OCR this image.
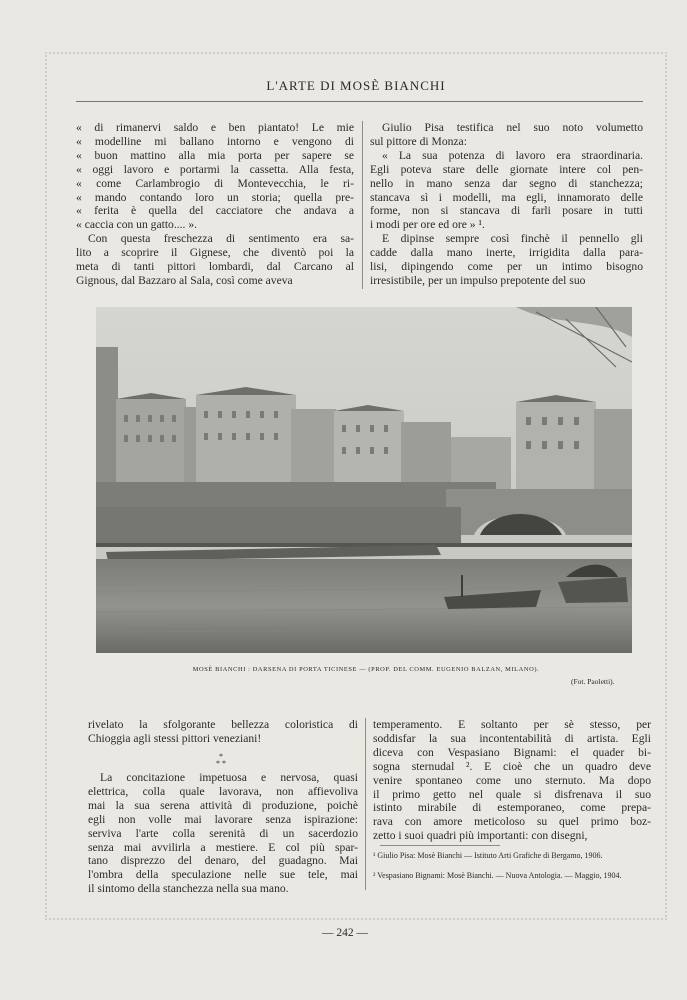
L'ARTE DI MOSÈ BIANCHI
« di rimanervi saldo e ben piantato! Le mie
« modelline mi ballano intorno e vengono di
« buon mattino alla mia porta per sapere se
« oggi lavoro e portarmi la cassetta. Alla festa,
« come Carlambrogio di Montevecchia, le ri-
« mando contando loro un storia; quella pre-
« ferita è quella del cacciatore che andava a
« caccia con un gatto.... ».
Con questa freschezza di sentimento era sa-
lito a scoprire il Gignese, che diventò poi la
meta di tanti pittori lombardi, dal Carcano al
Gignous, dal Bazzaro al Sala, così come aveva
Giulio Pisa testifica nel suo noto volumetto
sul pittore di Monza:
« La sua potenza di lavoro era straordinaria.
Egli poteva stare delle giornate intere col pen-
nello in mano senza dar segno di stanchezza;
stancava sì i modelli, ma egli, innamorato delle
forme, non si stancava di farli posare in tutti
i modi per ore ed ore » ¹.
E dipinse sempre così finchè il pennello gli
cadde dalla mano inerte, irrigidita dalla para-
lisi, dipingendo come per un intimo bisogno
irresistibile, per un impulso prepotente del suo
MOSÈ BIANCHI : DARSENA DI PORTA TICINESE — (PROP. DEL COMM. EUGENIO BALZAN, MILANO).
(Fot. Paoletti).
rivelato la sfolgorante bellezza coloristica di
Chioggia agli stessi pittori veneziani!
*
* *
La concitazione impetuosa e nervosa, quasi
elettrica, colla quale lavorava, non affievoliva
mai la sua serena attività di produzione, poichè
egli non volle mai lavorare senza ispirazione:
serviva l'arte colla serenità di un sacerdozio
senza mai avvilirla a mestiere. E col più spar-
tano disprezzo del denaro, del guadagno. Mai
l'ombra della speculazione nelle sue tele, mai
il sintomo della stanchezza nella sua mano.
temperamento. E soltanto per sè stesso, per
soddisfar la sua incontentabilità di artista. Egli
diceva con Vespasiano Bignami: el quader bi-
sogna sternudal ². E cioè che un quadro deve
venire spontaneo come uno sternuto. Ma dopo
il primo getto nel quale si disfrenava il suo
istinto mirabile di estemporaneo, come prepa-
rava con amore meticoloso su quel primo boz-
zetto i suoi quadri più importanti: con disegni,
¹ Giulio Pisa: Mosè Bianchi — Istituto Arti Grafiche di Bergamo, 1906.
² Vespasiano Bignami: Mosè Bianchi. — Nuova Antologia. — Maggio, 1904.
— 242 —
